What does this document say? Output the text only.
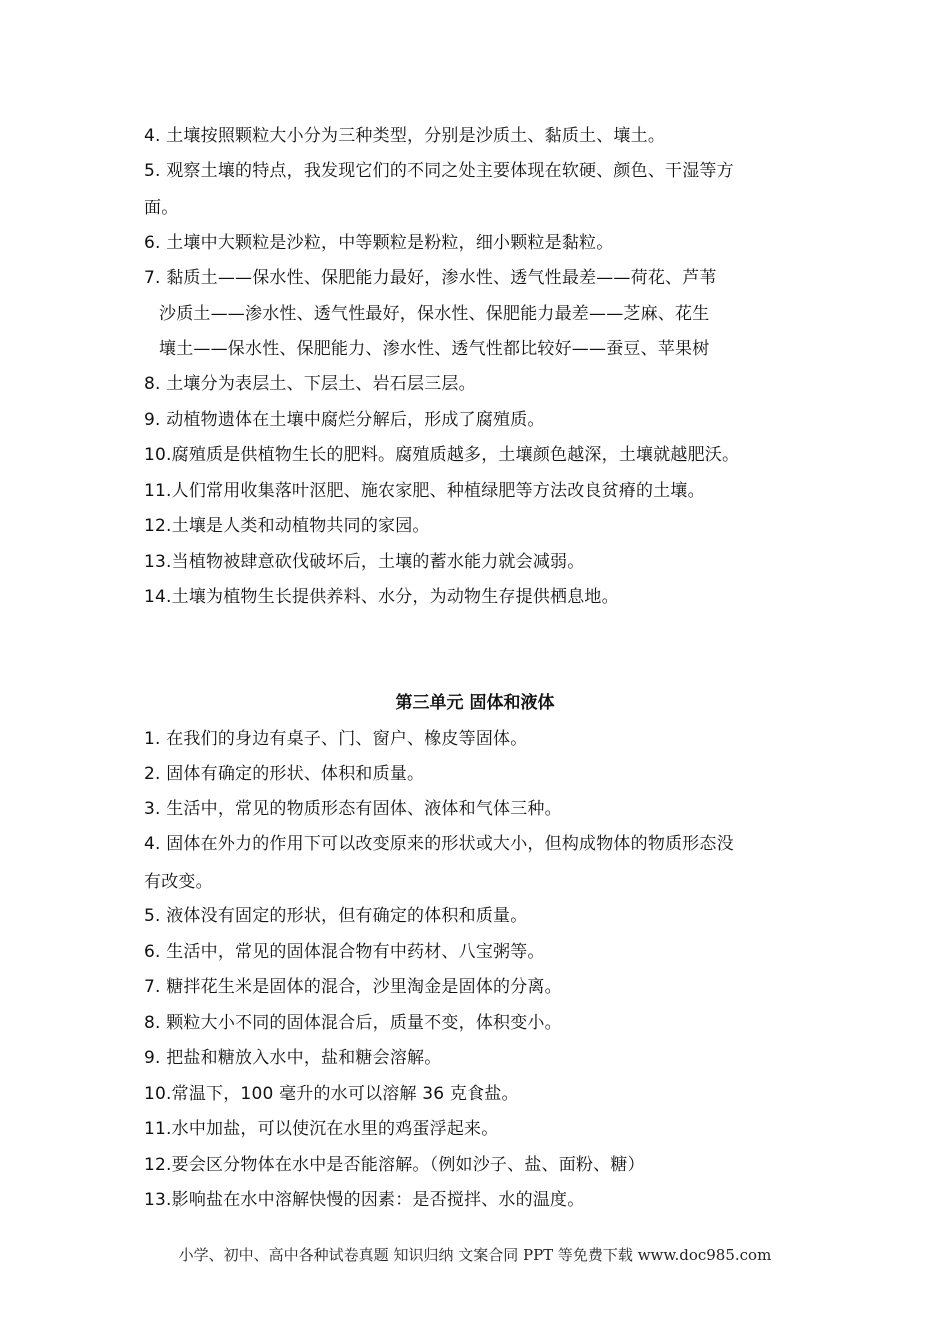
4. 土壤按照颗粒大小分为三种类型，分别是沙质土、黏质土、壤土。
5. 观察土壤的特点，我发现它们的不同之处主要体现在软硬、颜色、干湿等方
面。
6. 土壤中大颗粒是沙粒，中等颗粒是粉粒，细小颗粒是黏粒。
7. 黏质土——保水性、保肥能力最好，渗水性、透气性最差——荷花、芦苇
沙质土——渗水性、透气性最好，保水性、保肥能力最差——芝麻、花生
壤土——保水性、保肥能力、渗水性、透气性都比较好——蚕豆、苹果树
8. 土壤分为表层土、下层土、岩石层三层。
9. 动植物遗体在土壤中腐烂分解后，形成了腐殖质。
10.腐殖质是供植物生长的肥料。腐殖质越多，土壤颜色越深，土壤就越肥沃。
11.人们常用收集落叶沤肥、施农家肥、种植绿肥等方法改良贫瘠的土壤。
12.土壤是人类和动植物共同的家园。
13.当植物被肆意砍伐破坏后，土壤的蓄水能力就会减弱。
14.土壤为植物生长提供养料、水分，为动物生存提供栖息地。
第三单元 固体和液体
1. 在我们的身边有桌子、门、窗户、橡皮等固体。
2. 固体有确定的形状、体积和质量。
3. 生活中，常见的物质形态有固体、液体和气体三种。
4. 固体在外力的作用下可以改变原来的形状或大小，但构成物体的物质形态没
有改变。
5. 液体没有固定的形状，但有确定的体积和质量。
6. 生活中，常见的固体混合物有中药材、八宝粥等。
7. 糖拌花生米是固体的混合，沙里淘金是固体的分离。
8. 颗粒大小不同的固体混合后，质量不变，体积变小。
9. 把盐和糖放入水中，盐和糖会溶解。
10.常温下，100 毫升的水可以溶解 36 克食盐。
11.水中加盐，可以使沉在水里的鸡蛋浮起来。
12.要会区分物体在水中是否能溶解。（例如沙子、盐、面粉、糖）
13.影响盐在水中溶解快慢的因素：是否搅拌、水的温度。
小学、初中、高中各种试卷真题 知识归纳 文案合同 PPT 等免费下载 www.doc985.com
